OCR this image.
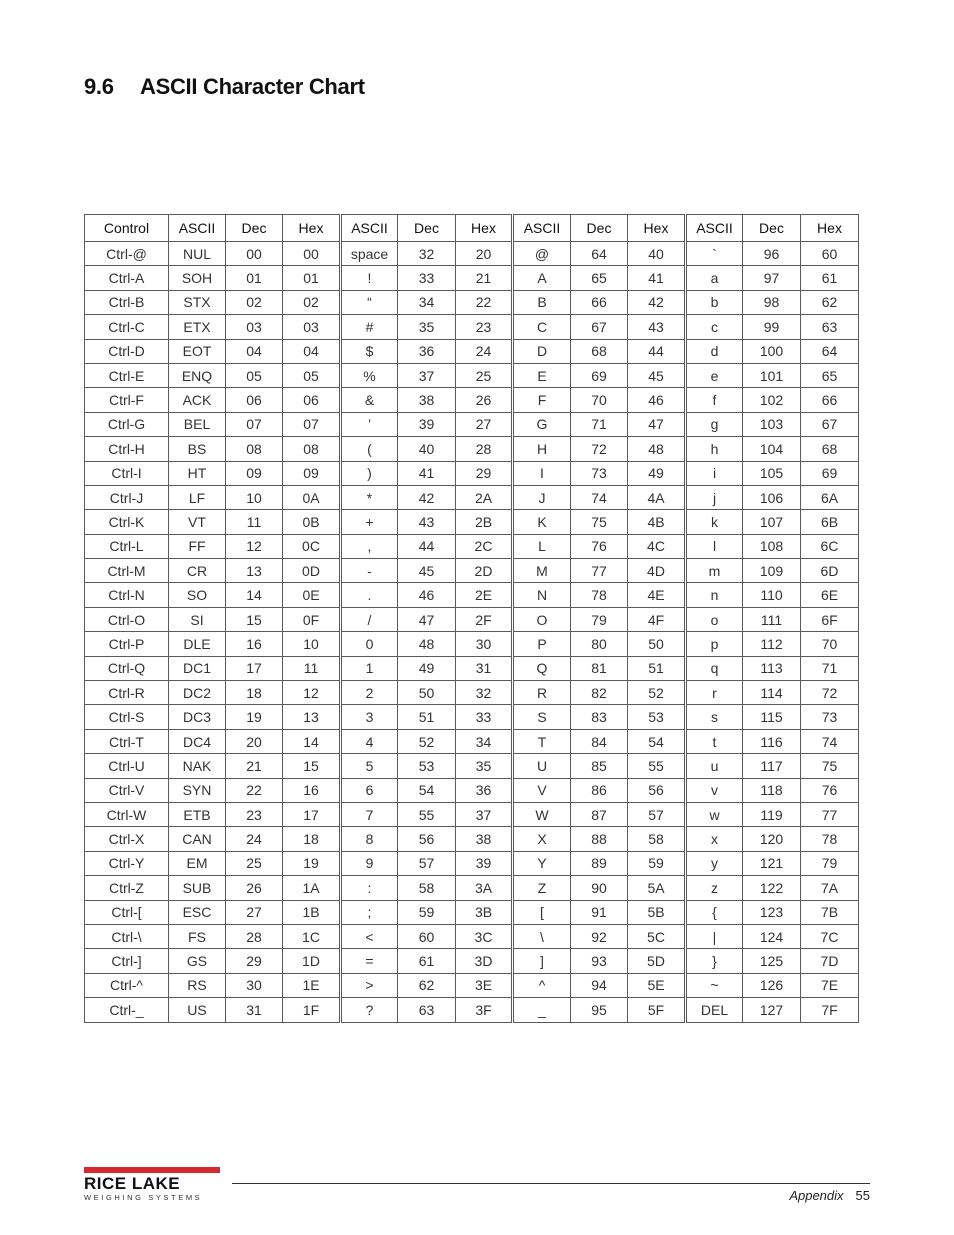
9.6 ASCII Character Chart
Control	ASCII	Dec	Hex	ASCII	Dec	Hex	ASCII	Dec	Hex	ASCII	Dec	Hex
Ctrl-@	NUL	00	00	space	32	20	@	64	40	`	96	60
Ctrl-A	SOH	01	01	!	33	21	A	65	41	a	97	61
Ctrl-B	STX	02	02	“	34	22	B	66	42	b	98	62
Ctrl-C	ETX	03	03	#	35	23	C	67	43	c	99	63
Ctrl-D	EOT	04	04	$	36	24	D	68	44	d	100	64
Ctrl-E	ENQ	05	05	%	37	25	E	69	45	e	101	65
Ctrl-F	ACK	06	06	&	38	26	F	70	46	f	102	66
Ctrl-G	BEL	07	07	’	39	27	G	71	47	g	103	67
Ctrl-H	BS	08	08	(	40	28	H	72	48	h	104	68
Ctrl-I	HT	09	09	)	41	29	I	73	49	i	105	69
Ctrl-J	LF	10	0A	*	42	2A	J	74	4A	j	106	6A
Ctrl-K	VT	11	0B	+	43	2B	K	75	4B	k	107	6B
Ctrl-L	FF	12	0C	,	44	2C	L	76	4C	l	108	6C
Ctrl-M	CR	13	0D	-	45	2D	M	77	4D	m	109	6D
Ctrl-N	SO	14	0E	.	46	2E	N	78	4E	n	110	6E
Ctrl-O	SI	15	0F	/	47	2F	O	79	4F	o	111	6F
Ctrl-P	DLE	16	10	0	48	30	P	80	50	p	112	70
Ctrl-Q	DC1	17	11	1	49	31	Q	81	51	q	113	71
Ctrl-R	DC2	18	12	2	50	32	R	82	52	r	114	72
Ctrl-S	DC3	19	13	3	51	33	S	83	53	s	115	73
Ctrl-T	DC4	20	14	4	52	34	T	84	54	t	116	74
Ctrl-U	NAK	21	15	5	53	35	U	85	55	u	117	75
Ctrl-V	SYN	22	16	6	54	36	V	86	56	v	118	76
Ctrl-W	ETB	23	17	7	55	37	W	87	57	w	119	77
Ctrl-X	CAN	24	18	8	56	38	X	88	58	x	120	78
Ctrl-Y	EM	25	19	9	57	39	Y	89	59	y	121	79
Ctrl-Z	SUB	26	1A	:	58	3A	Z	90	5A	z	122	7A
Ctrl-[	ESC	27	1B	;	59	3B	[	91	5B	{	123	7B
Ctrl-\	FS	28	1C	<	60	3C	\	92	5C	|	124	7C
Ctrl-]	GS	29	1D	=	61	3D	]	93	5D	}	125	7D
Ctrl-^	RS	30	1E	>	62	3E	^	94	5E	~	126	7E
Ctrl-_	US	31	1F	?	63	3F	_	95	5F	DEL	127	7F
RICE LAKE
WEIGHING SYSTEMS	Appendix 55
